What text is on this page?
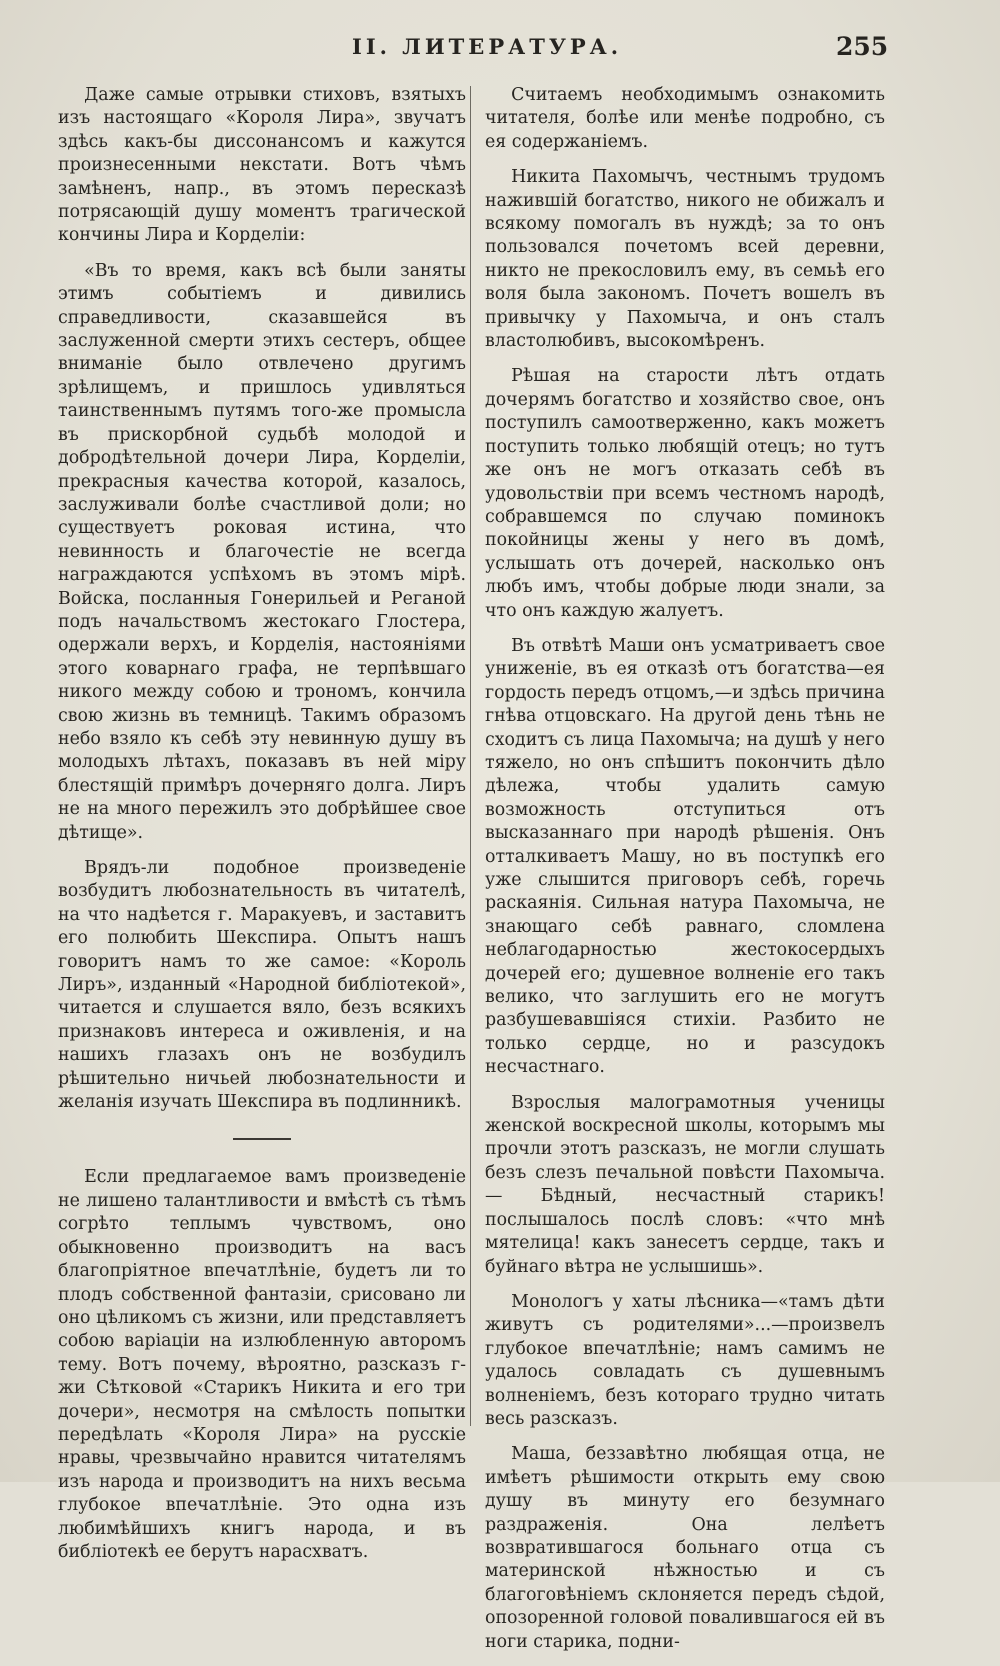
II. ЛИТЕРАТУРА.	255

Даже самые отрывки стиховъ, взятыхъ изъ настоящаго «Короля Лира», звучатъ здѣсь какъ-бы диссонансомъ и кажутся произнесенными некстати. Вотъ чѣмъ замѣненъ, напр., въ этомъ пересказѣ потрясающій душу моментъ трагической кончины Лира и Корделіи:

«Въ то время, какъ всѣ были заняты этимъ событіемъ и дивились справедливости, сказавшейся въ заслуженной смерти этихъ сестеръ, общее вниманіе было отвлечено другимъ зрѣлищемъ, и пришлось удивляться таинственнымъ путямъ того-же промысла въ прискорбной судьбѣ молодой и добродѣтельной дочери Лира, Корделіи, прекрасныя качества которой, казалось, заслуживали болѣе счастливой доли; но существуетъ роковая истина, что невинность и благочестіе не всегда награждаются успѣхомъ въ этомъ мірѣ. Войска, посланныя Гонерильей и Реганой подъ начальствомъ жестокаго Глостера, одержали верхъ, и Корделія, настояніями этого коварнаго графа, не терпѣвшаго никого между собою и трономъ, кончила свою жизнь въ темницѣ. Такимъ образомъ небо взяло къ себѣ эту невинную душу въ молодыхъ лѣтахъ, показавъ въ ней міру блестящій примѣръ дочерняго долга. Лиръ не на много пережилъ это добрѣйшее свое дѣтище».

Врядъ-ли подобное произведеніе возбудитъ любознательность въ читателѣ, на что надѣется г. Маракуевъ, и заставитъ его полюбить Шекспира. Опытъ нашъ говоритъ намъ то же самое: «Король Лиръ», изданный «Народной библіотекой», читается и слушается вяло, безъ всякихъ признаковъ интереса и оживленія, и на нашихъ глазахъ онъ не возбудилъ рѣшительно ничьей любознательности и желанія изучать Шекспира въ подлинникѣ.

Если предлагаемое вамъ произведеніе не лишено талантливости и вмѣстѣ съ тѣмъ согрѣто теплымъ чувствомъ, оно обыкновенно производитъ на васъ благопріятное впечатлѣніе, будетъ ли то плодъ собственной фантазіи, срисовано ли оно цѣликомъ съ жизни, или представляетъ собою варіаціи на излюбленную авторомъ тему. Вотъ почему, вѣроятно, разсказъ г-жи Сѣтковой «Старикъ Никита и его три дочери», несмотря на смѣлость попытки передѣлать «Короля Лира» на русскіе нравы, чрезвычайно нравится читателямъ изъ народа и производитъ на нихъ весьма глубокое впечатлѣніе. Это одна изъ любимѣйшихъ книгъ народа, и въ библіотекѣ ее берутъ нарасхватъ.

Считаемъ необходимымъ ознакомить читателя, болѣе или менѣе подробно, съ ея содержаніемъ.

Никита Пахомычъ, честнымъ трудомъ нажившій богатство, никого не обижалъ и всякому помогалъ въ нуждѣ; за то онъ пользовался почетомъ всей деревни, никто не прекословилъ ему, въ семьѣ его воля была закономъ. Почетъ вошелъ въ привычку у Пахомыча, и онъ сталъ властолюбивъ, высокомѣренъ.

Рѣшая на старости лѣтъ отдать дочерямъ богатство и хозяйство свое, онъ поступилъ самоотверженно, какъ можетъ поступить только любящій отецъ; но тутъ же онъ не могъ отказать себѣ въ удовольствіи при всемъ честномъ народѣ, собравшемся по случаю поминокъ покойницы жены у него въ домѣ, услышать отъ дочерей, насколько онъ любъ имъ, чтобы добрые люди знали, за что онъ каждую жалуетъ.

Въ отвѣтѣ Маши онъ усматриваетъ свое униженіе, въ ея отказѣ отъ богатства—ея гордость передъ отцомъ,—и здѣсь причина гнѣва отцовскаго. На другой день тѣнь не сходитъ съ лица Пахомыча; на душѣ у него тяжело, но онъ спѣшитъ покончить дѣло дѣлежа, чтобы удалить самую возможность отступиться отъ высказаннаго при народѣ рѣшенія. Онъ отталкиваетъ Машу, но въ поступкѣ его уже слышится приговоръ себѣ, горечь раскаянія. Сильная натура Пахомыча, не знающаго себѣ равнаго, сломлена неблагодарностью жестокосердыхъ дочерей его; душевное волненіе его такъ велико, что заглушить его не могутъ разбушевавшіяся стихіи. Разбито не только сердце, но и разсудокъ несчастнаго.

Взрослыя малограмотныя ученицы женской воскресной школы, которымъ мы прочли этотъ разсказъ, не могли слушать безъ слезъ печальной повѣсти Пахомыча. — Бѣдный, несчастный старикъ! послышалось послѣ словъ: «что мнѣ мятелица! какъ занесетъ сердце, такъ и буйнаго вѣтра не услышишь».

Монологъ у хаты лѣсника—«тамъ дѣти живутъ съ родителями»...—произвелъ глубокое впечатлѣніе; намъ самимъ не удалось совладать съ душевнымъ волненіемъ, безъ котораго трудно читать весь разсказъ.

Маша, беззавѣтно любящая отца, не имѣетъ рѣшимости открыть ему свою душу въ минуту его безумнаго раздраженія. Она лелѣетъ возвратившагося больнаго отца съ материнской нѣжностью и съ благоговѣніемъ склоняется передъ сѣдой, опозоренной головой повалившагося ей въ ноги старика, подни-
